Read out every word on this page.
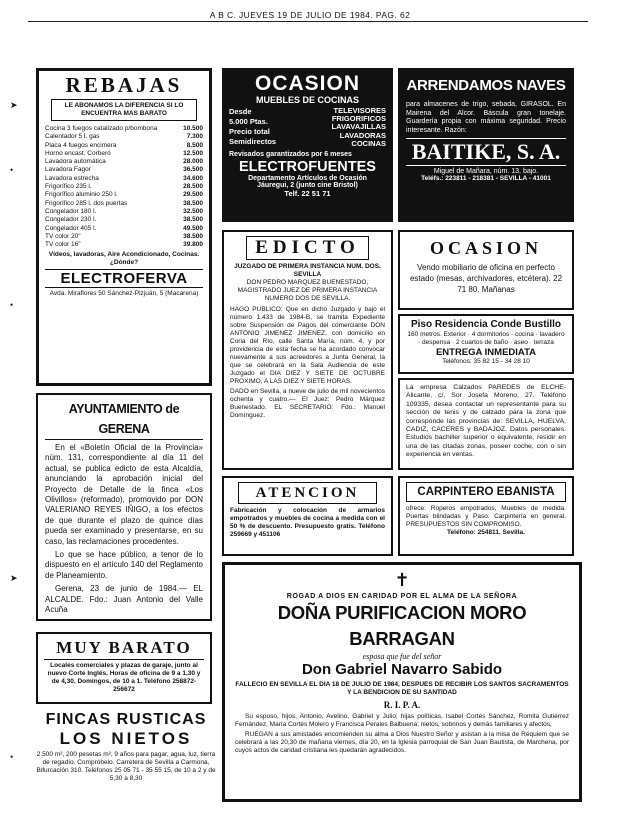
A B C. JUEVES 19 DE JULIO DE 1984. PAG. 62
➤
•
•
➤
•
REBAJAS
LE ABONAMOS LA DIFERENCIA SI LO ENCUENTRA MAS BARATO
Cocina 3 fuegos catalizado p/bombona	10.500
Calentador 5 l. gas	7.300
Placa 4 fuegos encimera	8.500
Horno encast. Corberó	12.500
Lavadora automática	28.000
Lavadora Fagor	36.500
Lavadora estrecha	34.600
Frigorífico 235 l.	28.500
Frigorífico aluminio 250 l.	29.500
Frigorífico 285 l. dos puertas	38.500
Congelador 180 l.	32.500
Congelador 230 l.	38.500
Congelador 405 l.	49.500
TV color 20"	38.500
TV color 16"	39.800
Vídeos, lavadoras, Aire Acondicionado, Cocinas. ¿Dónde?
ELECTROFERVA
Avda. Miraflores 50 Sánchez-Pizjuán, 5 (Macarena)
OCASION
MUEBLES DE COCINAS
Desde
5.000 Ptas.
Precio total
Semidirectos
TELEVISORES
FRIGORIFICOS
LAVAVAJILLAS
LAVADORAS
COCINAS
Revisados garantizados por 6 meses
ELECTROFUENTES
Departamento Artículos de Ocasión
Jáuregui, 2 (junto cine Bristol)
Telf. 22 51 71
ARRENDAMOS NAVES
para almacenes de trigo, sebada, GIRASOL. En Mairena del Alcor. Báscula gran tonelaje. Guardería propia con máxima seguridad. Precio interesante. Razón:
BAITIKE, S. A.
Miguel de Mañara, núm. 13, bajo.
Teléfs.: 223811 - 218381 - SEVILLA - 41001
EDICTO
JUZGADO DE PRIMERA INSTANCIA NUM. DOS. SEVILLA
DON PEDRO MARQUEZ BUENESTADO, MAGISTRADO JUEZ DE PRIMERA INSTANCIA NUMERO DOS DE SEVILLA.
HAGO PUBLICO: Que en dicho Juzgado y bajo el número 1.433 de 1984-B, se tramita Expediente sobre Suspensión de Pagos del comerciante DON ANTONIO JIMENEZ JIMENEZ, con domicilio en Coria del Río, calle Santa María, núm. 4, y por providencia de esta fecha se ha acordado convocar nuevamente a sus acreedores a Junta General, la que se celebrará en la Sala Audiencia de este Juzgado el DIA DIEZ Y SIETE DE OCTUBRE PROXIMO, A LAS DIEZ Y SIETE HORAS.
DADO en Sevilla, a nueve de julio de mil novecientos ochenta y cuatro.— El Juez: Pedro Márquez Buenestado. EL SECRETARIO: Fdo.: Manuel Domínguez.
OCASION
Vendo mobiliario de oficina en perfecto estado (mesas, archivadores, etcétera). 22 71 80. Mañanas
Piso Residencia Conde Bustillo
160 metros. Exterior · 4 dormitorios · cocina · lavadero · despensa · 2 cuartos de baño · aseo · terraza
ENTREGA INMEDIATA
Teléfonos: 35 82 15 - 34 28 10
La empresa Calzados PAREDES de ELCHE-Alicante, c/. Sor Josefa Moreno, 27. Teléfono 109335, desea contactar un representante para su sección de tenis y de calzado para la zona que corresponde las provincias de: SEVILLA, HUELVA, CADIZ, CACERES y BADAJOZ. Datos personales: Estudios bachiller superior o equivalente, residir en una de las citadas zonas, poseer coche, con o sin experiencia en ventas.
AYUNTAMIENTO de GERENA
En el «Boletín Oficial de la Provincia» núm. 131, correspondiente al día 11 del actual, se publica edicto de esta Alcaldía, anunciando la aprobación inicial del Proyecto de Detalle de la finca «Los Olivillos» (reformado), promovido por DON VALERIANO REYES IÑIGO, a los efectos de que durante el plazo de quince días pueda ser examinado y presentarse, en su caso, las reclamaciones procedentes.
Lo que se hace público, a tenor de lo dispuesto en el artículo 140 del Reglamento de Planeamiento.
Gerena, 23 de junio de 1984.— EL ALCALDE. Fdo.: Juan Antonio del Valle Acuña
ATENCION
Fabricación y colocación de armarios empotrados y muebles de cocina a medida con el 50 % de descuento. Presupuesto gratis. Teléfono 259669 y 451106
CARPINTERO EBANISTA
ofrece: Roperos empotrados, Muebles de medida. Puertas blindadas y Paso. Carpintería en general. PRESUPUESTOS SIN COMPROMISO.
Teléfono: 254811. Sevilla.
✝
ROGAD A DIOS EN CARIDAD POR EL ALMA DE LA SEÑORA
DOÑA PURIFICACION MORO BARRAGAN
esposa que fue del señor
Don Gabriel Navarro Sabido
FALLECIO EN SEVILLA EL DIA 18 DE JULIO DE 1984, DESPUES DE RECIBIR LOS SANTOS SACRAMENTOS Y LA BENDICION DE SU SANTIDAD
R. I. P. A.
Su esposo, hijos, Antonio, Avelino, Gabriel y Julio; hijas políticas, Isabel Cortés Sánchez, Romita Gutiérrez Fernández, María Cortés Molero y Francisca Perales Balbuena; nietos, sobrinos y demás familiares y afectos,
RUEGAN a sus amistades encomienden su alma a Dios Nuestro Señor y asistan a la misa de Réquiem que se celebrará a las 20,30 de mañana viernes, día 20, en la Iglesia parroquial de San Juan Bautista, de Marchena, por cuyos actos de caridad cristiana les quedarán agradecidos.
MUY BARATO
Locales comerciales y plazas de garaje, junto al nuevo Corte Inglés. Horas de oficina de 9 a 1,30 y de 4,30. Domingos, de 10 a 1. Teléfono 258872-256672
FINCAS RUSTICAS
LOS NIETOS
2.500 m², 200 pesetas m², 9 años para pagar, agua, luz, tierra de regadío. Compróbelo. Carretera de Sevilla a Carmona, Bifurcación 310. Teléfonos 25 05 71 - 35 55 15, de 10 a 2 y de 5,30 a 8,30
